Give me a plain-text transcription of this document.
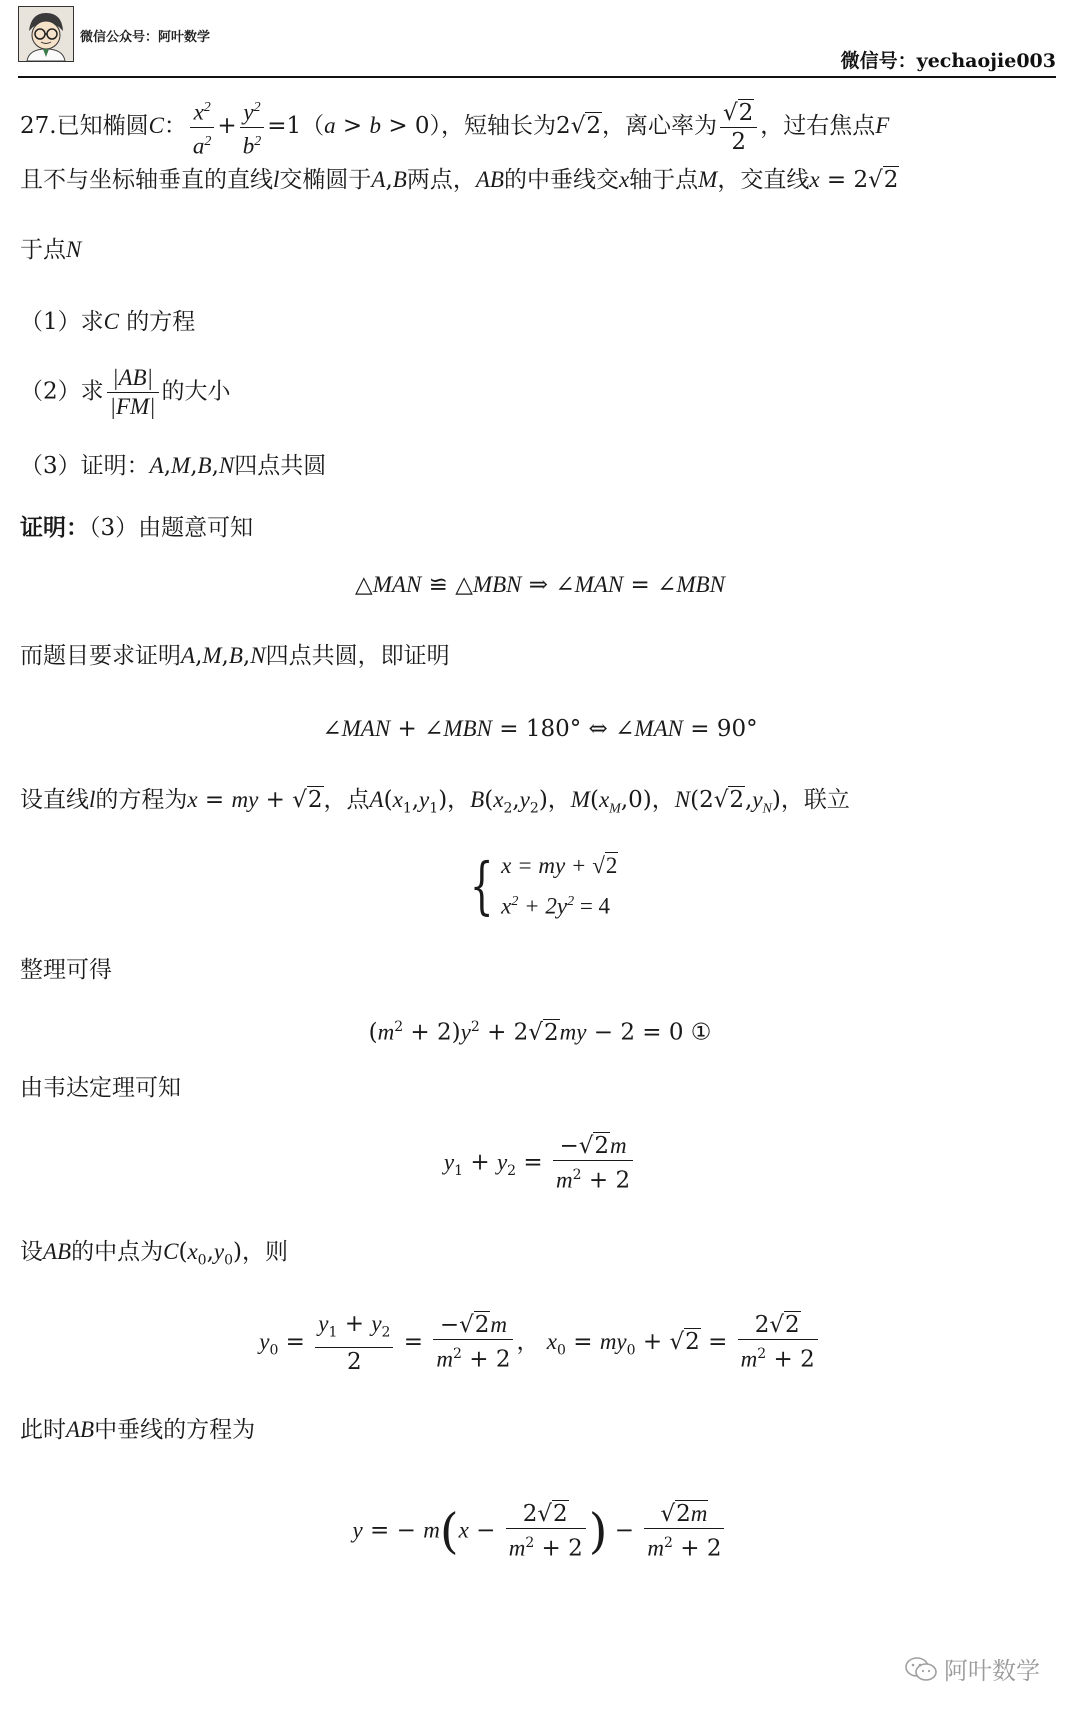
微信公众号：阿叶数学
微信号：yechaojie003
27.已知椭圆C： $\frac{x^2}{a^2} + \frac{y^2}{b^2} =1(a > b > 0)$，短轴长为2√2，离心率为 $\frac{√2}{2}$ ，过右焦点F
且不与坐标轴垂直的直线l交椭圆于A,B两点，AB的中垂线交x轴于点M，交直线x = 2√2
于点N
（1）求C 的方程
（2）求 $\frac{|AB|}{|FM|}$ 的大小
（3）证明：A,M,B,N四点共圆
证明：（3）由题意可知
△MAN ≌ △MBN ⇒ ∠MAN = ∠MBN
而题目要求证明A,M,B,N四点共圆，即证明
∠MAN + ∠MBN = 180° ⇔ ∠MAN = 90°
设直线l的方程为x = my + √2，点$A(x_1,y_1)$，$B(x_2,y_2)$，$M(x_M,0)$，$N(2√2,y_N)$，联立
{ x = my + √2
$x^2 + 2y^2 = 4$
整理可得
$(m^2 + 2)y^2 + 2√2my - 2 = 0$ ①
由韦达定理可知
$y_1 + y_2 = \frac{-√2m}{m^2 + 2}$
设AB的中点为$C(x_0,y_0)$，则
$y_0 = \frac{y_1 + y_2}{2} = \frac{-√2m}{m^2 + 2}$ ， $x_0 = my_0 + √2 = \frac{2√2}{m^2 + 2}$
此时AB中垂线的方程为
y = − $m(x - \frac{2√2}{m^2 + 2}$ ) − $\frac{√2m}{m^2 + 2}$
阿叶数学
